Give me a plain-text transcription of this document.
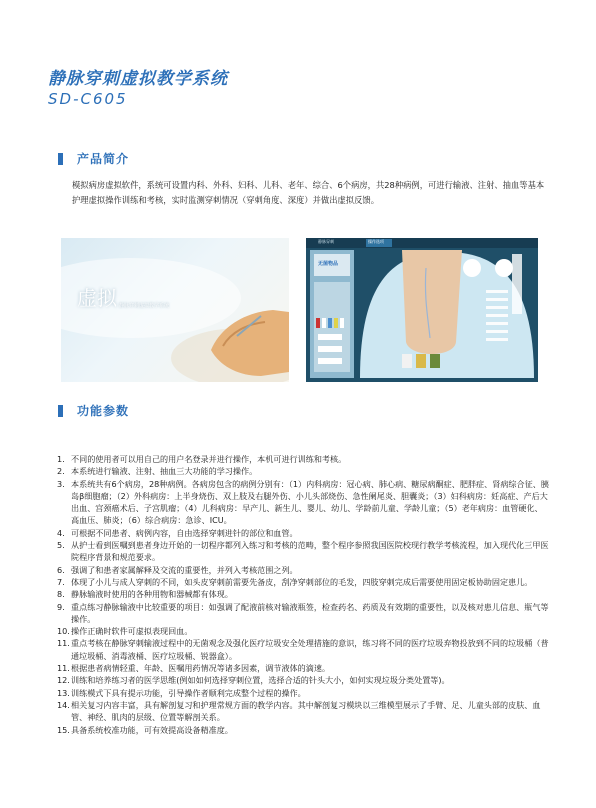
静脉穿刺虚拟教学系统
SD-C605
产品简介

模拟病房虚拟软件，系统可设置内科、外科、妇科、儿科、老年、综合、6个病房，共28种病例，可进行输液、注射、抽血等基本护理虚拟操作训练和考核，实时监测穿刺情况（穿刺角度、深度）并做出虚拟反馈。

虚拟 静脉穿刺虚拟教学系统
静脉穿刺	操作选项
无菌物品
功能参数
1. 不同的使用者可以用自己的用户名登录并进行操作，本机可进行训练和考核。
2. 本系统进行输液、注射、抽血三大功能的学习操作。
3. 本系统共有6个病房，28种病例。各病房包含的病例分别有：（1）内科病房：冠心病、肺心病、糖尿病酮症、肥胖症、肾病综合征、胰岛β细胞瘤；（2）外科病房：上半身烧伤、双上肢及右腿外伤、小儿头部烧伤、急性阑尾炎、胆囊炎；（3）妇科病房：妊高症、产后大出血、宫颈癌术后、子宫肌瘤；（4）儿科病房：早产儿、新生儿、婴儿、幼儿、学龄前儿童、学龄儿童；（5）老年病房：血管硬化、高血压、肺炎；（6）综合病房：急诊、ICU。
4. 可根据不同患者、病例内容，自由选择穿刺进针的部位和血管。
5. 从护士看到医嘱到患者身边开始的一切程序都列入练习和考核的范畴，整个程序参照我国医院校现行教学考核流程，加入现代化三甲医院程序背景和规范要求。
6. 强调了和患者家属解释及交流的重要性，并列入考核范围之列。
7. 体现了小儿与成人穿刺的不同，如头皮穿刺前需要先备皮，刮净穿刺部位的毛发，四肢穿刺完成后需要使用固定板协助固定患儿。
8. 静脉输液时使用的各种用物和器械都有体现。
9. 重点练习静脉输液中比较重要的项目：如强调了配液前核对输液瓶签，检查药名、药质及有效期的重要性，以及核对患儿信息、瓶气等操作。
10. 操作正确时软件可虚拟表现回血。
11. 重点考核在静脉穿刺输液过程中的无菌观念及强化医疗垃圾安全处理措施的意识，练习将不同的医疗垃圾弃物投放到不同的垃圾桶（普通垃圾桶、消毒液桶、医疗垃圾桶、锐器盒）。
11. 根据患者病情轻重、年龄、医嘱用药情况等诸多因素，调节液体的滴速。
12. 训练和培养练习者的医学思维(例如如何选择穿刺位置，选择合适的针头大小，如何实现垃圾分类处置等)。
13. 训练模式下具有提示功能，引导操作者顺利完成整个过程的操作。
14. 相关复习内容丰富，具有解剖复习和护理常规方面的教学内容。其中解剖复习模块以三维模型展示了手臂、足、儿童头部的皮肤、血管、神经、肌肉的层级、位置等解剖关系。
15. 具备系统校准功能，可有效提高设备精准度。
